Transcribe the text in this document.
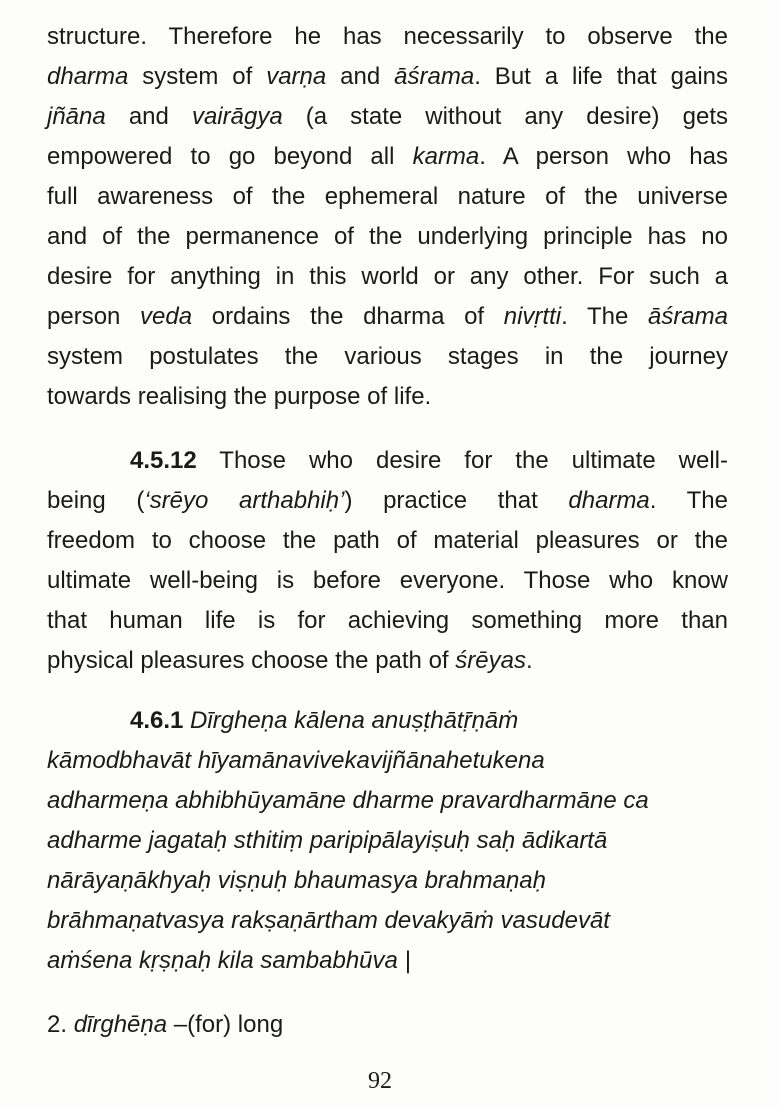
structure. Therefore he has necessarily to observe the
dharma system of varṇa and āśrama. But a life that gains
jñāna and vairāgya (a state without any desire) gets
empowered to go beyond all karma. A person who has
full awareness of the ephemeral nature of the universe
and of the permanence of the underlying principle has no
desire for anything in this world or any other. For such a
person veda ordains the dharma of nivṛtti. The āśrama
system postulates the various stages in the journey
towards realising the purpose of life.
4.5.12 Those who desire for the ultimate well-
being (‘srēyo arthabhiḥ’) practice that dharma. The
freedom to choose the path of material pleasures or the
ultimate well-being is before everyone. Those who know
that human life is for achieving something more than
physical pleasures choose the path of śrēyas.
4.6.1 Dīrgheṇa kālena anuṣṭhātṝṇāṁ
kāmodbhavāt hīyamānavivekavijñānahetukena
adharmeṇa abhibhūyamāne dharme pravardharmāne ca
adharme jagataḥ sthitiṃ paripipālayiṣuḥ saḥ ādikartā
nārāyaṇākhyaḥ viṣṇuḥ bhaumasya brahmaṇaḥ
brāhmaṇatvasya rakṣaṇārtham devakyāṁ vasudevāt
aṁśena kṛṣṇaḥ kila sambabhūva |
2. dīrghēṇa –(for) long
92
